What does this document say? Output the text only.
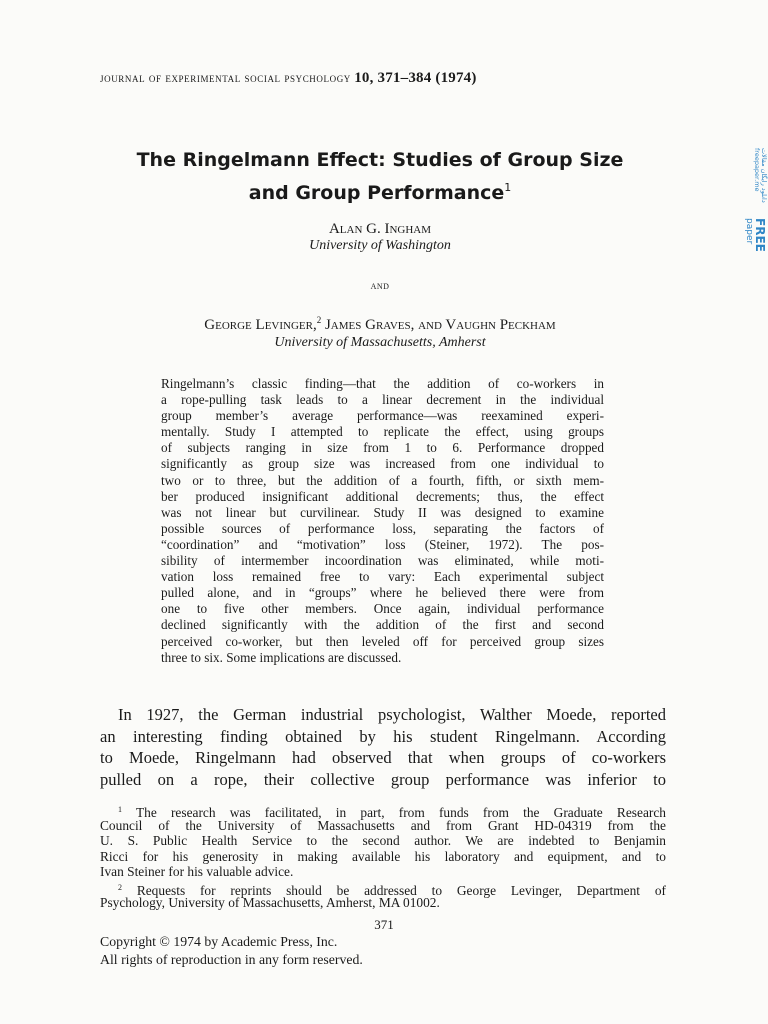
journal of experimental social psychology 10, 371–384 (1974)
The Ringelmann Effect: Studies of Group Size
and Group Performance$^1$
Alan G. Ingham
University of Washington
and
George Levinger,$^2$ James Graves, and Vaughn Peckham
University of Massachusetts, Amherst
Ringelmann’s classic finding—that the addition of co-workers in
a rope-pulling task leads to a linear decrement in the individual
group member’s average performance—was reexamined experi-
mentally. Study I attempted to replicate the effect, using groups
of subjects ranging in size from 1 to 6. Performance dropped
significantly as group size was increased from one individual to
two or to three, but the addition of a fourth, fifth, or sixth mem-
ber produced insignificant additional decrements; thus, the effect
was not linear but curvilinear. Study II was designed to examine
possible sources of performance loss, separating the factors of
“coordination” and “motivation” loss (Steiner, 1972). The pos-
sibility of intermember incoordination was eliminated, while moti-
vation loss remained free to vary: Each experimental subject
pulled alone, and in “groups” where he believed there were from
one to five other members. Once again, individual performance
declined significantly with the addition of the first and second
perceived co-worker, but then leveled off for perceived group sizes
three to six. Some implications are discussed.
In 1927, the German industrial psychologist, Walther Moede, reported
an interesting finding obtained by his student Ringelmann. According
to Moede, Ringelmann had observed that when groups of co-workers
pulled on a rope, their collective group performance was inferior to
$^1$ The research was facilitated, in part, from funds from the Graduate Research
Council of the University of Massachusetts and from Grant HD-04319 from the
U. S. Public Health Service to the second author. We are indebted to Benjamin
Ricci for his generosity in making available his laboratory and equipment, and to
Ivan Steiner for his valuable advice.
$^2$ Requests for reprints should be addressed to George Levinger, Department of
Psychology, University of Massachusetts, Amherst, MA 01002.
371
Copyright © 1974 by Academic Press, Inc.
All rights of reproduction in any form reserved.
دانلود رایگان مقالات
freepaper.me
FREE
paper
